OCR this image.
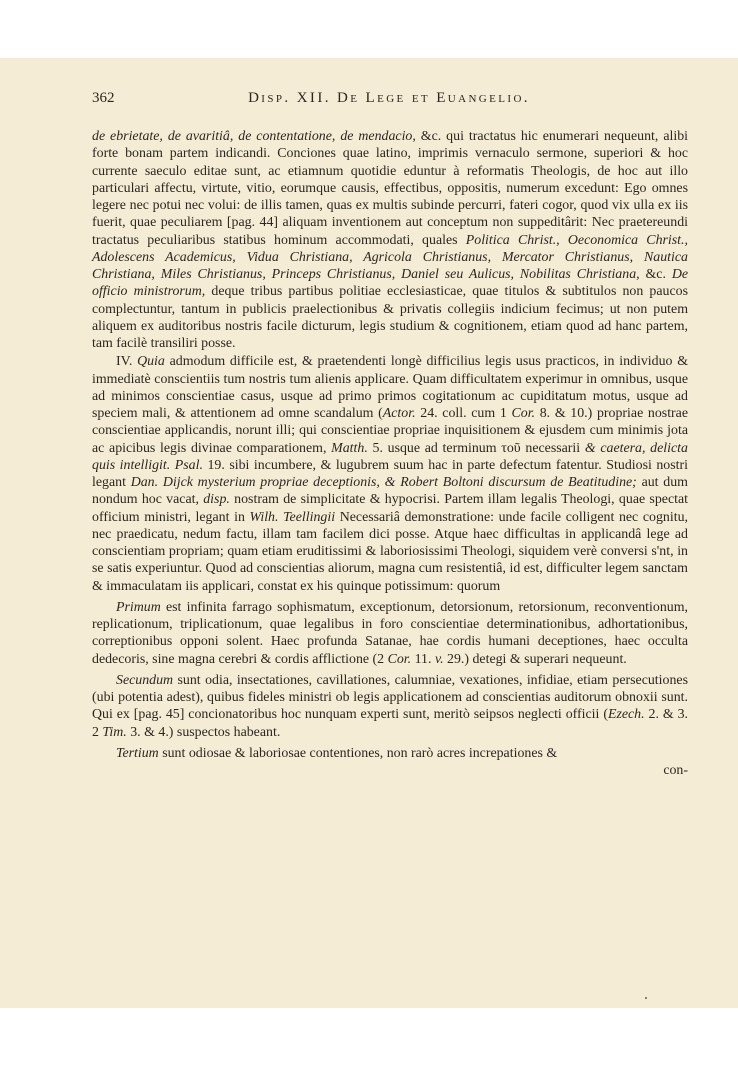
362	Disp. XII. De Lege et Euangelio.

de ebrietate, de avaritiâ, de contentatione, de mendacio, &c. qui tractatus hic enumerari nequeunt, alibi forte bonam partem indicandi. Conciones quae latino, imprimis vernaculo sermone, superiori & hoc currente saeculo editae sunt, ac etiamnum quotidie eduntur à reformatis Theologis, de hoc aut illo particulari affectu, virtute, vitio, eorumque causis, effectibus, oppositis, numerum excedunt: Ego omnes legere nec potui nec volui: de illis tamen, quas ex multis subinde percurri, fateri cogor, quod vix ulla ex iis fuerit, quae peculiarem [pag. 44] aliquam inventionem aut conceptum non suppeditârit: Nec praetereundi tractatus peculiaribus statibus hominum accommodati, quales Politica Christ., Oeconomica Christ., Adolescens Academicus, Vidua Christiana, Agricola Christianus, Mercator Christianus, Nautica Christiana, Miles Christianus, Princeps Christianus, Daniel seu Aulicus, Nobilitas Christiana, &c. De officio ministrorum, deque tribus partibus politiae ecclesiasticae, quae titulos & subtitulos non paucos complectuntur, tantum in publicis praelectionibus & privatis collegiis indicium fecimus; ut non putem aliquem ex auditoribus nostris facile dicturum, legis studium & cognitionem, etiam quod ad hanc partem, tam facilè transiliri posse.

IV. Quia admodum difficile est, & praetendenti longè difficilius legis usus practicos, in individuo & immediatè conscientiis tum nostris tum alienis applicare. Quam difficultatem experimur in omnibus, usque ad minimos conscientiae casus, usque ad primo primos cogitationum ac cupiditatum motus, usque ad speciem mali, & attentionem ad omne scandalum (Actor. 24. coll. cum 1 Cor. 8. & 10.) propriae nostrae conscientiae applicandis, norunt illi; qui conscientiae propriae inquisitionem & ejusdem cum minimis jota ac apicibus legis divinae comparationem, Matth. 5. usque ad terminum τοῦ necessarii & caetera, delicta quis intelligit. Psal. 19. sibi incumbere, & lugubrem suum hac in parte defectum fatentur. Studiosi nostri legant Dan. Dijck mysterium propriae deceptionis, & Robert Boltoni discursum de Beatitudine; aut dum nondum hoc vacat, disp. nostram de simplicitate & hypocrisi. Partem illam legalis Theologi, quae spectat officium ministri, legant in Wilh. Teellingii Necessariâ demonstratione: unde facile colligent nec cognitu, nec praedicatu, nedum factu, illam tam facilem dici posse. Atque haec difficultas in applicandâ lege ad conscientiam propriam; quam etiam eruditissimi & laboriosissimi Theologi, siquidem verè conversi s'nt, in se satis experiuntur. Quod ad conscientias aliorum, magna cum resistentiâ, id est, difficulter legem sanctam & immaculatam iis applicari, constat ex his quinque potissimum: quorum

Primum est infinita farrago sophismatum, exceptionum, detorsionum, retorsionum, reconventionum, replicationum, triplicationum, quae legalibus in foro conscientiae determinationibus, adhortationibus, correptionibus opponi solent. Haec profunda Satanae, hae cordis humani deceptiones, haec occulta dedecoris, sine magna cerebri & cordis afflictione (2 Cor. 11. v. 29.) detegi & superari nequeunt.

Secundum sunt odia, insectationes, cavillationes, calumniae, vexationes, infidiae, etiam persecutiones (ubi potentia adest), quibus fideles ministri ob legis applicationem ad conscientias auditorum obnoxii sunt. Qui ex [pag. 45] concionatoribus hoc nunquam experti sunt, meritò seipsos neglecti officii (Ezech. 2. & 3. 2 Tim. 3. & 4.) suspectos habeant.

Tertium sunt odiosae & laboriosae contentiones, non rarò acres increpationes &

con-
